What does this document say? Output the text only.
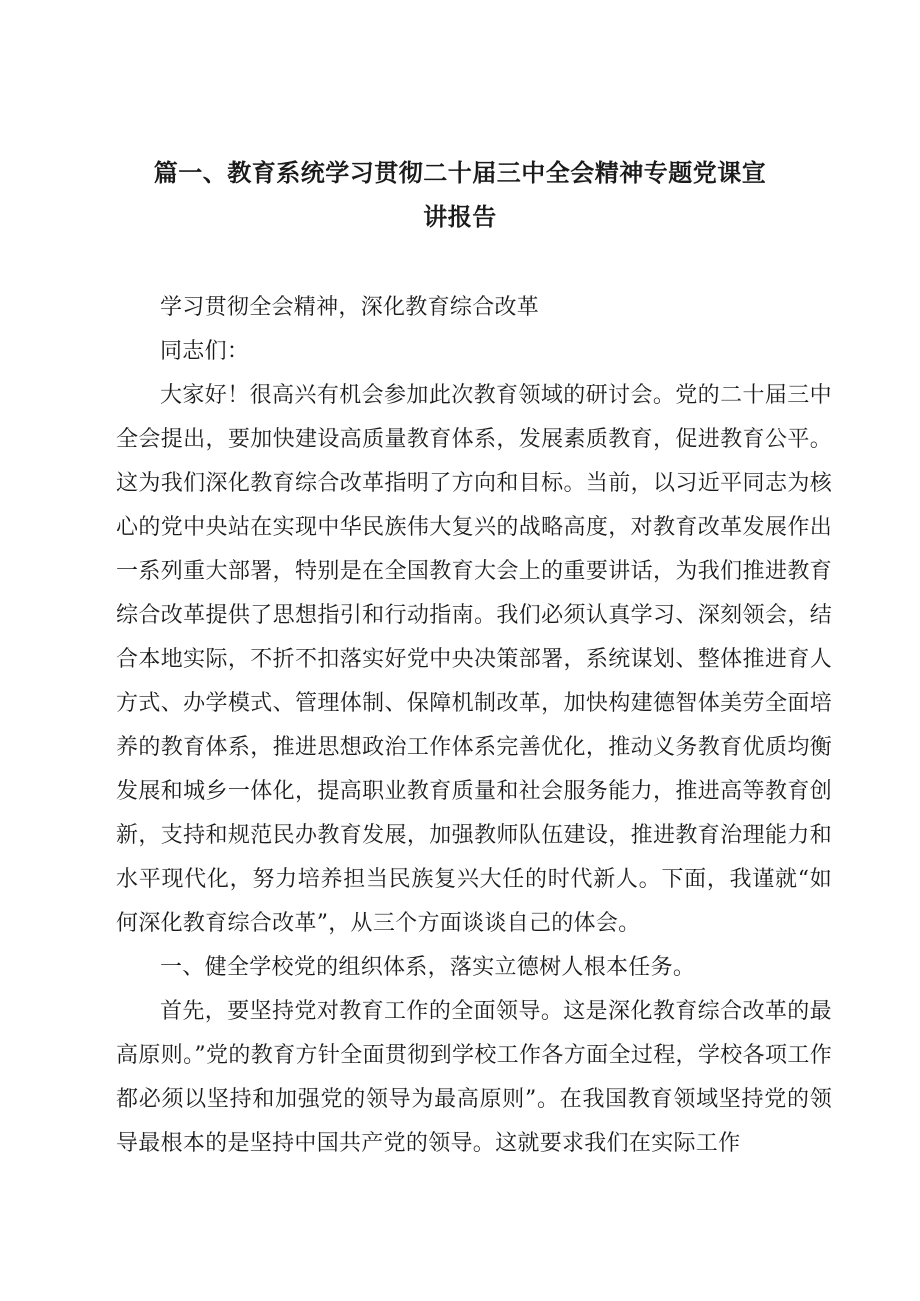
篇一、教育系统学习贯彻二十届三中全会精神专题党课宣
讲报告

学习贯彻全会精神，深化教育综合改革

同志们：

大家好！很高兴有机会参加此次教育领域的研讨会。党的二十届三中全会提出，要加快建设高质量教育体系，发展素质教育，促进教育公平。这为我们深化教育综合改革指明了方向和目标。当前，以习近平同志为核心的党中央站在实现中华民族伟大复兴的战略高度，对教育改革发展作出一系列重大部署，特别是在全国教育大会上的重要讲话，为我们推进教育综合改革提供了思想指引和行动指南。我们必须认真学习、深刻领会，结合本地实际，不折不扣落实好党中央决策部署，系统谋划、整体推进育人方式、办学模式、管理体制、保障机制改革，加快构建德智体美劳全面培养的教育体系，推进思想政治工作体系完善优化，推动义务教育优质均衡发展和城乡一体化，提高职业教育质量和社会服务能力，推进高等教育创新，支持和规范民办教育发展，加强教师队伍建设，推进教育治理能力和水平现代化，努力培养担当民族复兴大任的时代新人。下面，我谨就“如何深化教育综合改革”，从三个方面谈谈自己的体会。

一、健全学校党的组织体系，落实立德树人根本任务。

首先，要坚持党对教育工作的全面领导。这是深化教育综合改革的最高原则。”党的教育方针全面贯彻到学校工作各方面全过程，学校各项工作都必须以坚持和加强党的领导为最高原则”。在我国教育领域坚持党的领导最根本的是坚持中国共产党的领导。这就要求我们在实际工作
